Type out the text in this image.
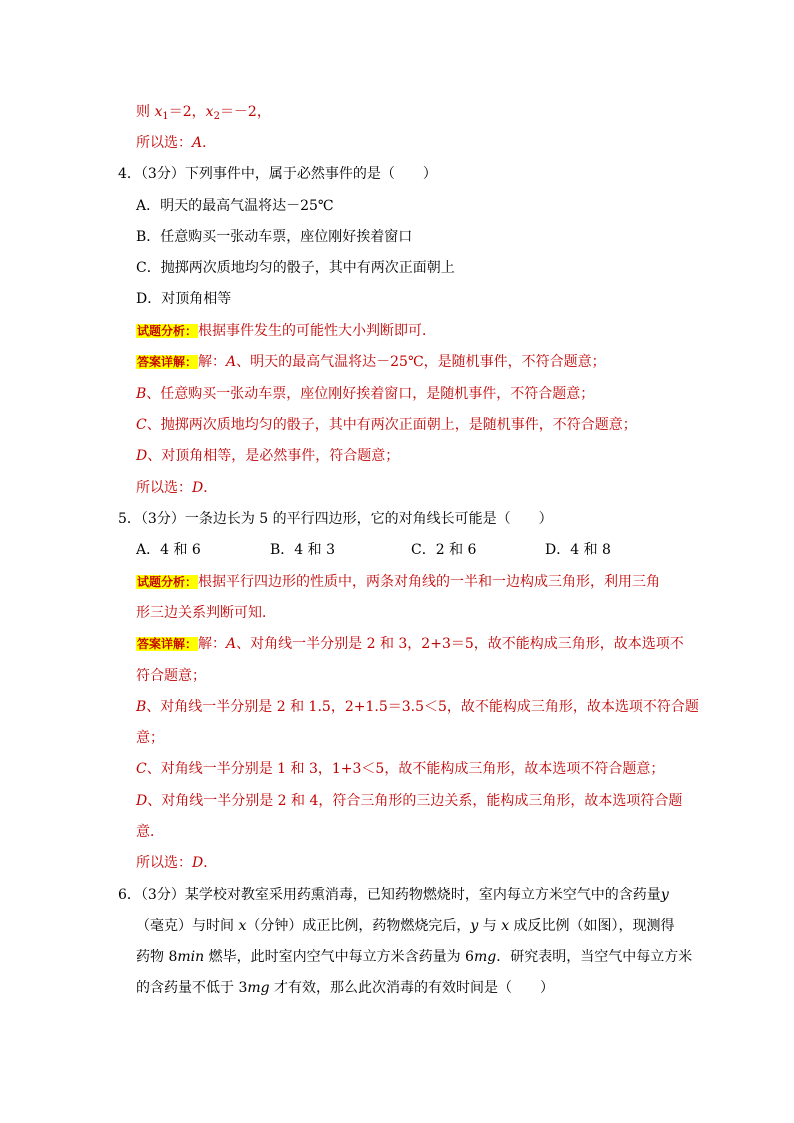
则 $x_1=2$，$x_2=-2$，
所以选：A．
4．（3分）下列事件中，属于必然事件的是（　　）
A．明天的最高气温将达－25℃
B．任意购买一张动车票，座位刚好挨着窗口
C．抛掷两次质地均匀的骰子，其中有两次正面朝上
D．对顶角相等
试题分析：根据事件发生的可能性大小判断即可．
答案详解：解：A、明天的最高气温将达－25℃，是随机事件，不符合题意；
B、任意购买一张动车票，座位刚好挨着窗口，是随机事件，不符合题意；
C、抛掷两次质地均匀的骰子，其中有两次正面朝上，是随机事件，不符合题意；
D、对顶角相等，是必然事件，符合题意；
所以选：D．
5．（3分）一条边长为 5 的平行四边形，它的对角线长可能是（　　）
A．4 和 6	B．4 和 3	C．2 和 6	D．4 和 8
试题分析：根据平行四边形的性质中，两条对角线的一半和一边构成三角形，利用三角
形三边关系判断可知．
答案详解：解：A、对角线一半分别是 2 和 3，2+3＝5，故不能构成三角形，故本选项不
符合题意；
B、对角线一半分别是 2 和 1.5，2+1.5＝3.5＜5，故不能构成三角形，故本选项不符合题
意；
C、对角线一半分别是 1 和 3，1+3＜5，故不能构成三角形，故本选项不符合题意；
D、对角线一半分别是 2 和 4，符合三角形的三边关系，能构成三角形，故本选项符合题
意．
所以选：D．
6．（3分）某学校对教室采用药熏消毒，已知药物燃烧时，室内每立方米空气中的含药量y
（毫克）与时间 x（分钟）成正比例，药物燃烧完后，y 与 x 成反比例（如图），现测得
药物 8min 燃毕，此时室内空气中每立方米含药量为 6mg．研究表明，当空气中每立方米
的含药量不低于 3mg 才有效，那么此次消毒的有效时间是（　　）
